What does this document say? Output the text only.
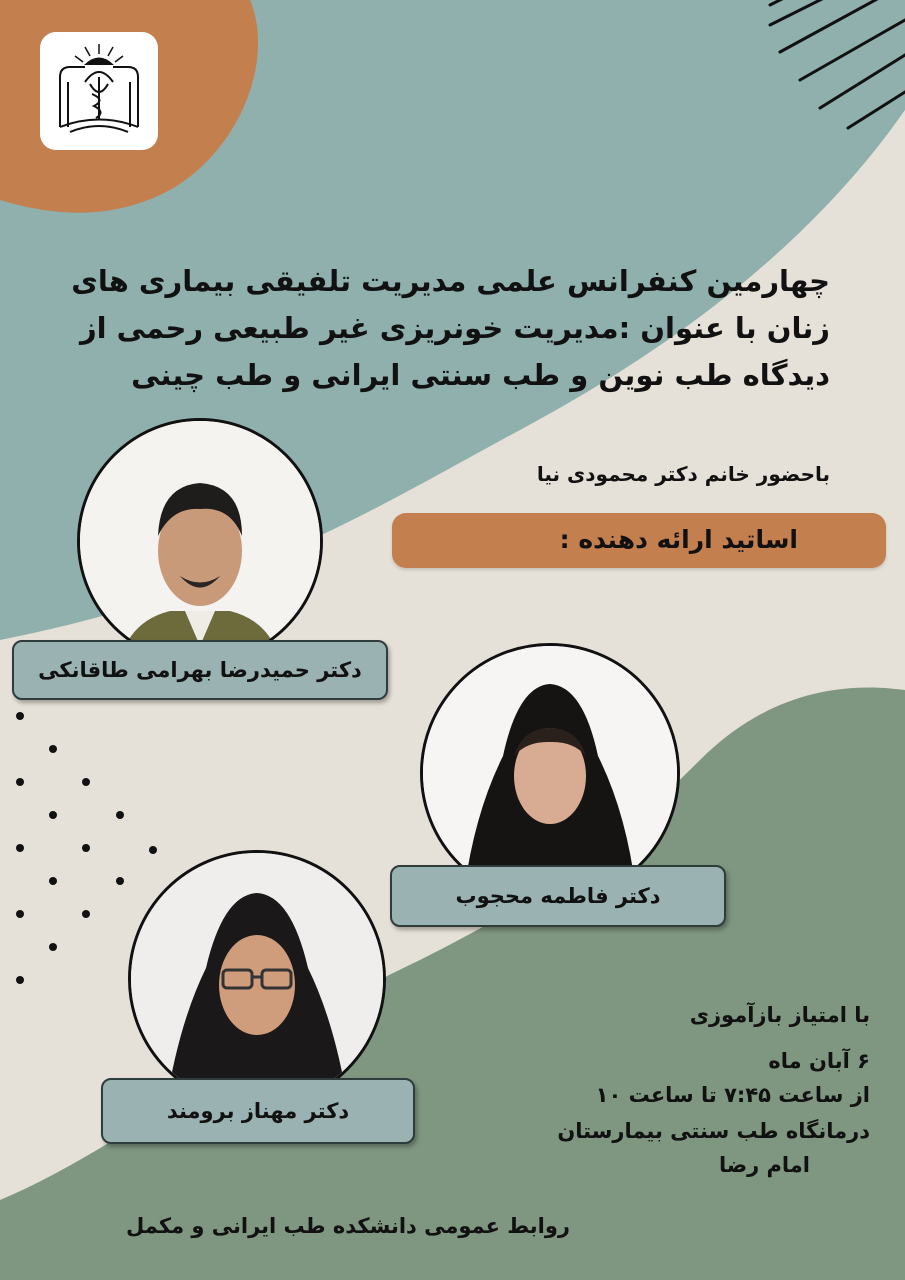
چهارمین کنفرانس علمی مدیریت تلفیقی بیماری های
زنان با عنوان :مدیریت خونریزی غیر طبیعی رحمی از
دیدگاه طب نوین و طب سنتی ایرانی و طب چینی
باحضور خانم دکتر محمودی نیا
اساتید ارائه دهنده :
دکتر حمیدرضا بهرامی طاقانکی
دکتر فاطمه محجوب
دکتر مهناز برومند
با امتیاز بازآموزی
۶ آبان ماه
از ساعت ۷:۴۵ تا ساعت ۱۰
درمانگاه طب سنتی بیمارستان
امام رضا
روابط عمومی دانشکده طب ایرانی و مکمل
